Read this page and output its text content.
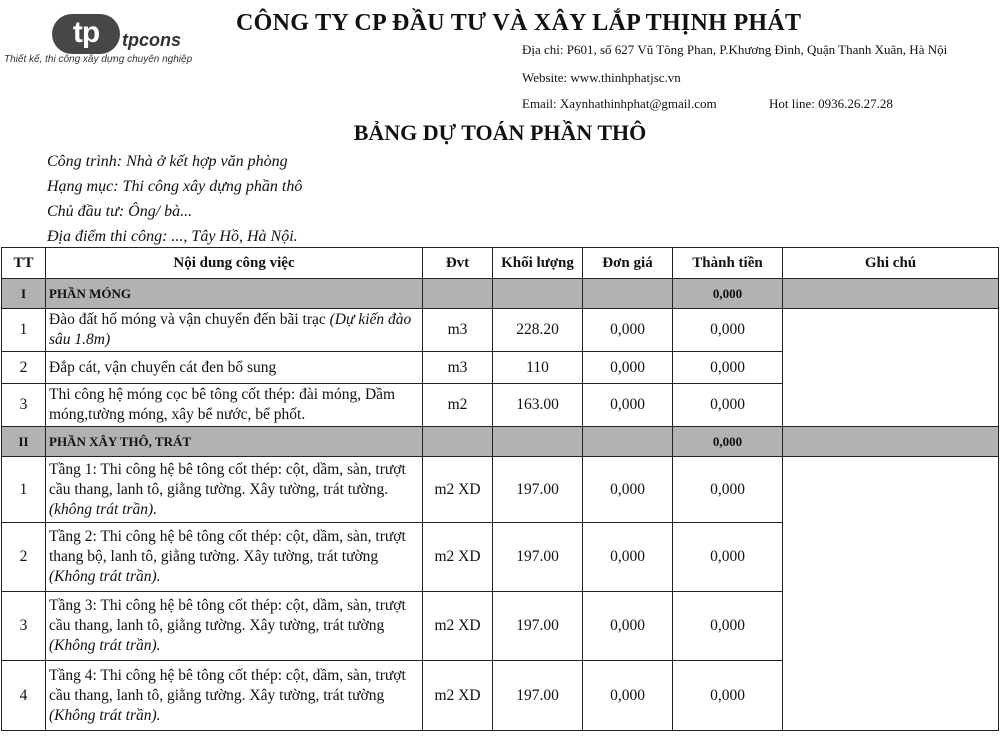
tp	tpcons
Thiết kế, thi công xây dựng chuyên nghiệp
CÔNG TY CP ĐẦU TƯ VÀ XÂY LẮP THỊNH PHÁT
Địa chỉ: P601, số 627 Vũ Tông Phan, P.Khương Đình, Quận Thanh Xuân, Hà Nội
Website: www.thinhphatjsc.vn
Email: Xaynhathinhphat@gmail.com	Hot line: 0936.26.27.28
BẢNG DỰ TOÁN PHẦN THÔ
Công trình: Nhà ở kết hợp văn phòng
Hạng mục: Thi công xây dựng phần thô
Chủ đầu tư: Ông/ bà...
Địa điểm thi công: ..., Tây Hồ, Hà Nội.
TT	Nội dung công việc	Đvt	Khối lượng	Đơn giá	Thành tiền	Ghi chú
I	PHẦN MÓNG				0,000	
1	Đào đất hố móng và vận chuyển đến bãi trạc (Dự kiến đào sâu 1.8m)	m3	228.20	0,000	0,000	
2	Đắp cát, vận chuyển cát đen bổ sung	m3	110	0,000	0,000	
3	Thi công hệ móng cọc bê tông cốt thép: đài móng, Dầm móng,tường móng, xây bể nước, bể phốt.	m2	163.00	0,000	0,000	
II	PHẦN XÂY THÔ, TRÁT				0,000	
1	Tầng 1: Thi công hệ bê tông cốt thép: cột, dầm, sàn, trượt cầu thang, lanh tô, giằng tường. Xây tường, trát tường. (không trát trần).	m2 XD	197.00	0,000	0,000	
2	Tầng 2: Thi công hệ bê tông cốt thép: cột, dầm, sàn, trượt thang bộ, lanh tô, giằng tường. Xây tường, trát tường (Không trát trần).	m2 XD	197.00	0,000	0,000	
3	Tầng 3: Thi công hệ bê tông cốt thép: cột, dầm, sàn, trượt cầu thang, lanh tô, giằng tường. Xây tường, trát tường (Không trát trần).	m2 XD	197.00	0,000	0,000	
4	Tầng 4: Thi công hệ bê tông cốt thép: cột, dầm, sàn, trượt cầu thang, lanh tô, giằng tường. Xây tường, trát tường (Không trát trần).	m2 XD	197.00	0,000	0,000	
